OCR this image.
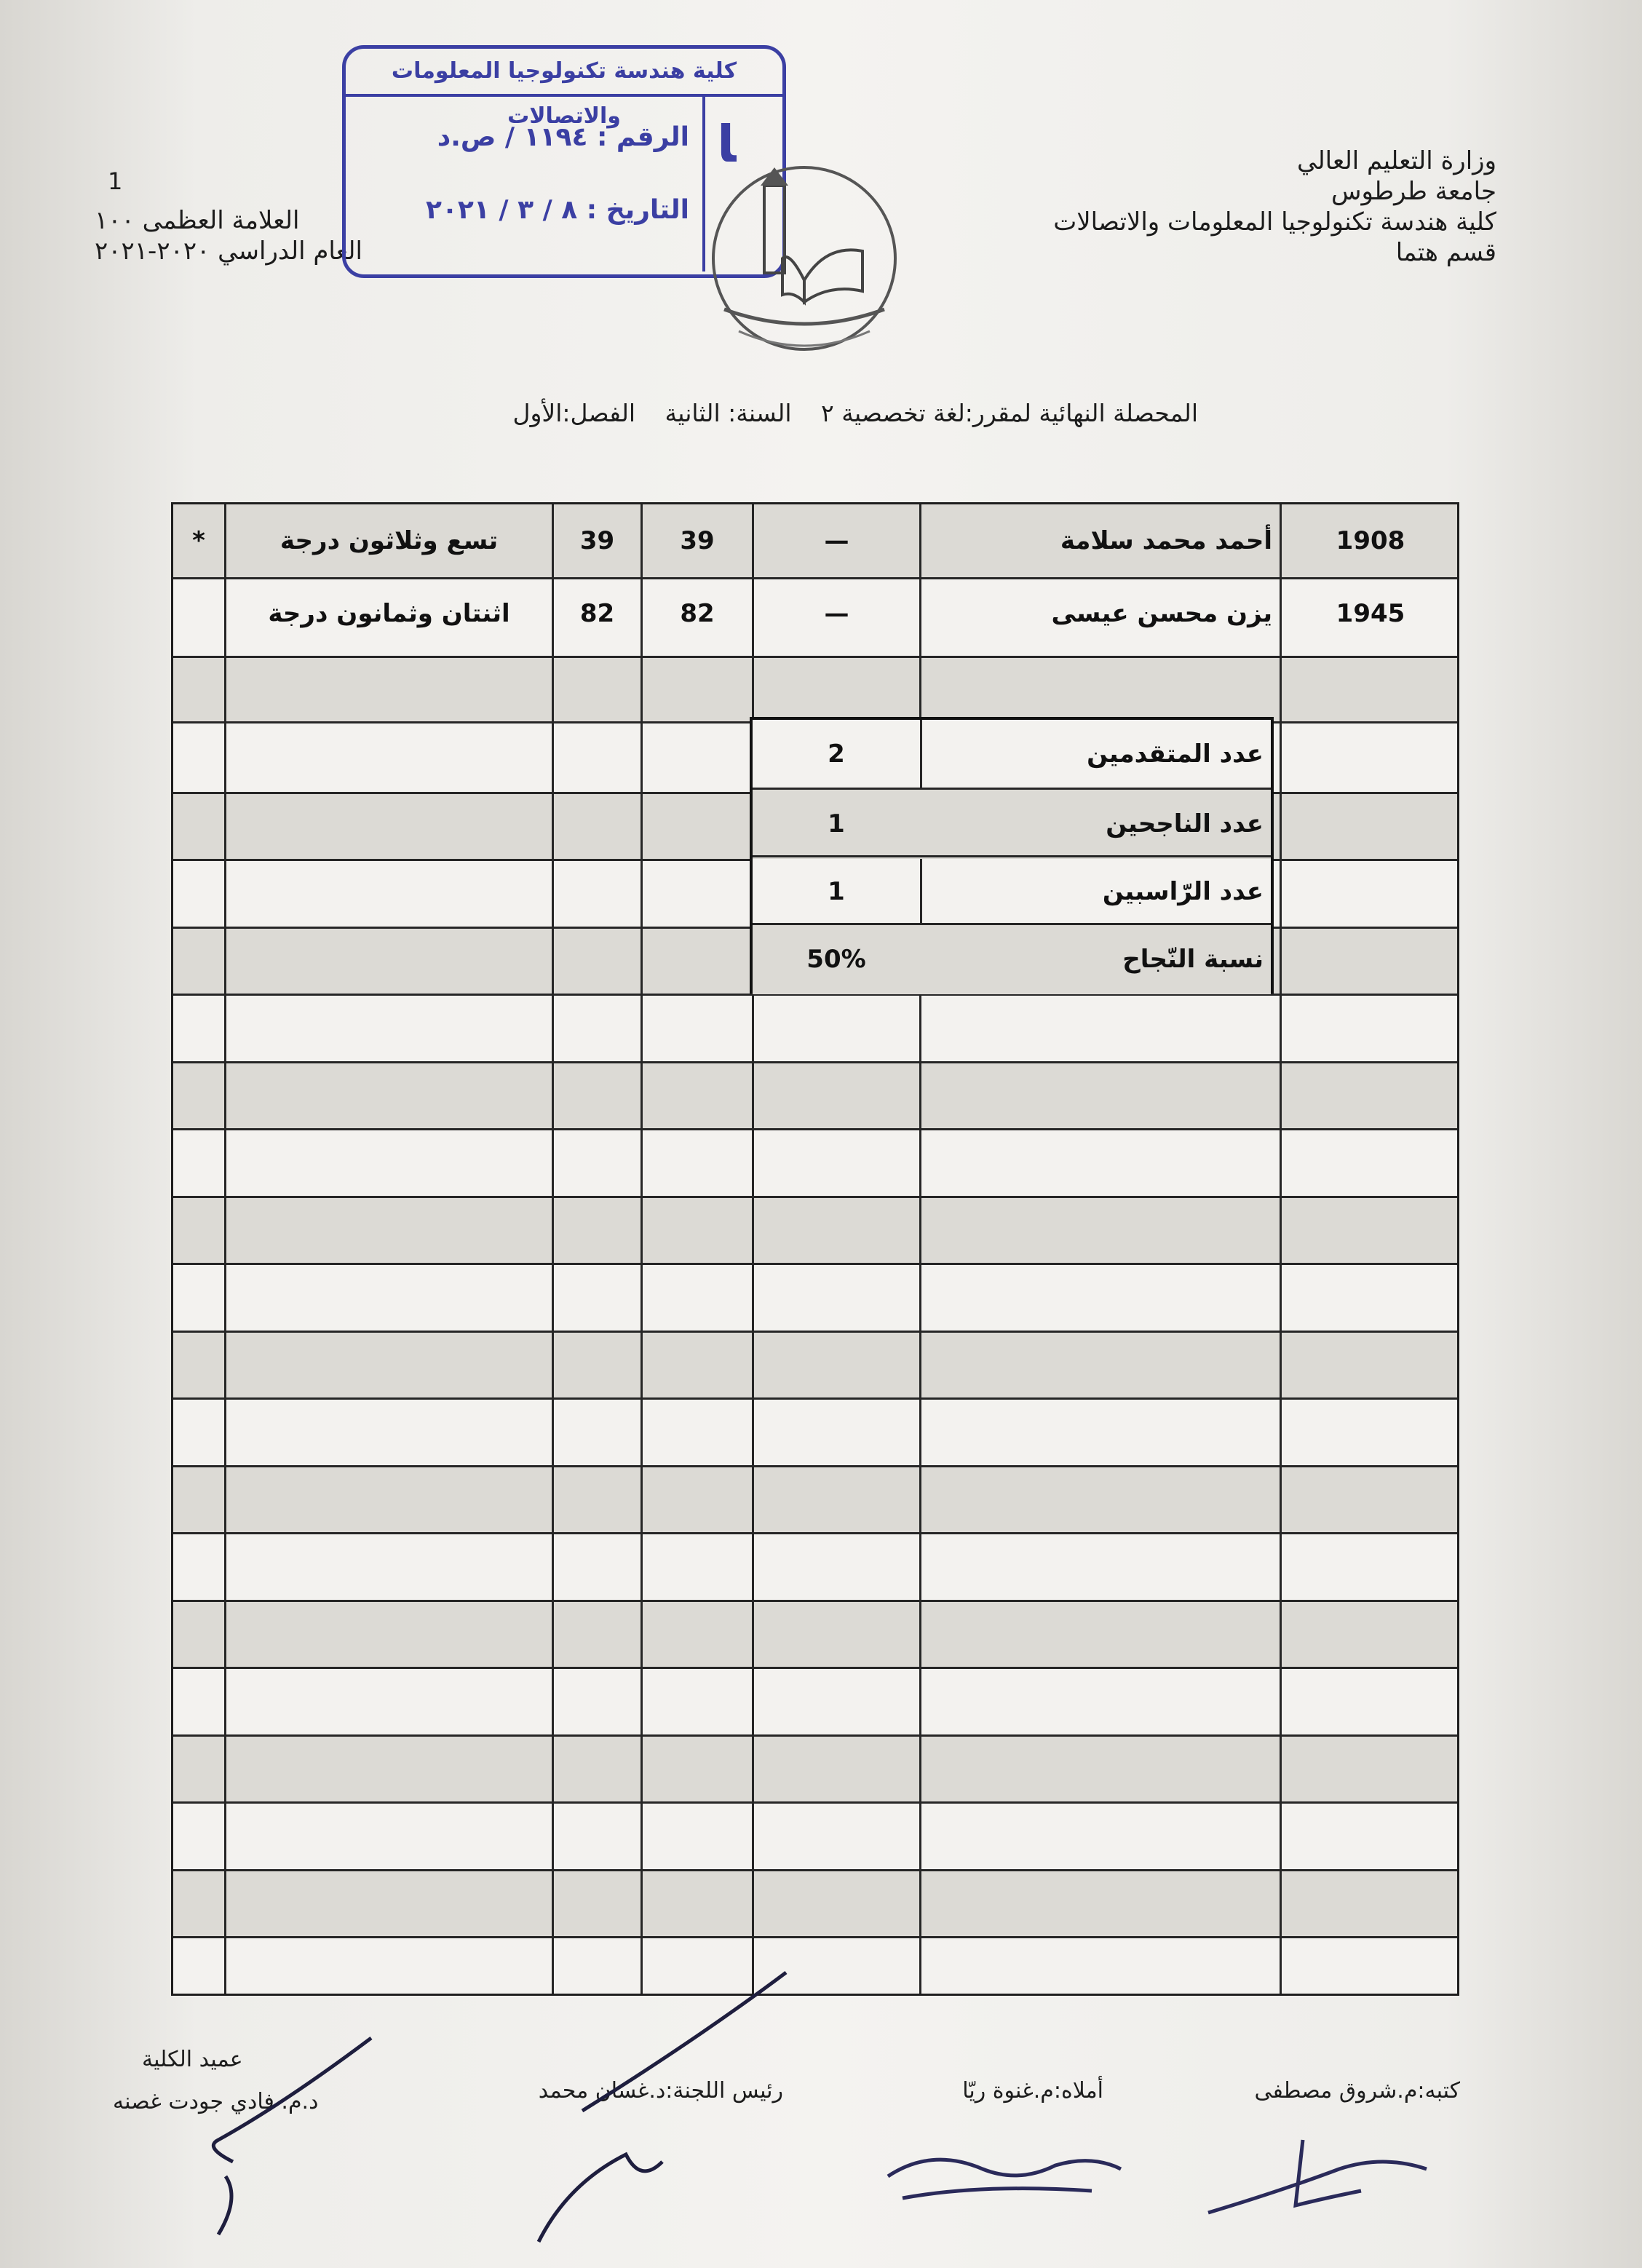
وزارة التعليم العالي
جامعة طرطوس
كلية هندسة تكنولوجيا المعلومات والاتصالات
قسم هتما
1
العلامة العظمى ١٠٠
العام الدراسي ٢٠٢٠-٢٠٢١
كلية هندسة تكنولوجيا المعلومات والاتصالات
الرقم : ١١٩٤ / ص.د
التاريخ : ٨ / ٣ / ٢٠٢١
ﺎ
المحصلة النهائية لمقرر:لغة تخصصية ٢ السنة: الثانية الفصل:الأول
1908
أحمد محمد سلامة
—
39
39
تسع وثلاثون درجة
*
1945
يزن محسن عيسى
—
82
82
اثنتان وثمانون درجة
عدد المتقدمين
2
عدد الناجحين
1
عدد الرّاسبين
1
نسبة النّجاح
50%
كتبه:م.شروق مصطفى
أملاه:م.غنوة ريّا
رئيس اللجنة:د.غسان محمد
عميد الكلية
د.م. فادي جودت غصنه
